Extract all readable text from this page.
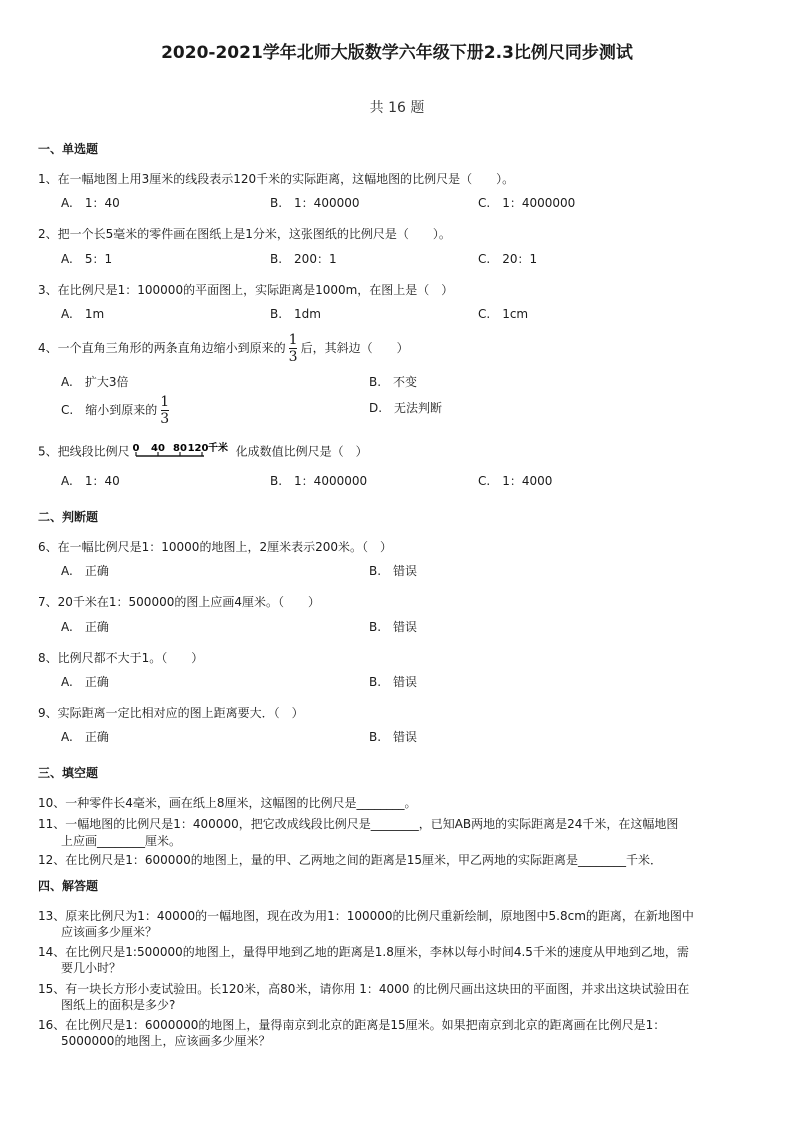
2020-2021学年北师大版数学六年级下册2.3比例尺同步测试
共 16 题
一、单选题
1、在一幅地图上用3厘米的线段表示120千米的实际距离，这幅地图的比例尺是（　　）。
A.　1：40	B.　1：400000	C.　1：4000000
2、把一个长5毫米的零件画在图纸上是1分米，这张图纸的比例尺是（　　）。
A.　5：1	B.　200：1	C.　20：1
3、在比例尺是1：100000的平面图上，实际距离是1000m，在图上是（　）
A.　1m	B.　1dm	C.　1cm
4、一个直角三角形的两条直角边缩小到原来的 $\frac{1}{3}$ 后，其斜边（　　）
A.　扩大3倍	B.　不变
C.　缩小到原来的 $\frac{1}{3}$	D.　无法判断
5、把线段比例尺 0 40 80 120 千米 化成数值比例尺是（　）
A.　1：40	B.　1：4000000	C.　1：4000
二、判断题
6、在一幅比例尺是1：10000的地图上，2厘米表示200米。（　）
A.　正确	B.　错误
7、20千米在1：500000的图上应画4厘米。（　　）
A.　正确	B.　错误
8、比例尺都不大于1。（　　）
A.　正确	B.　错误
9、实际距离一定比相对应的图上距离要大．（　）
A.　正确	B.　错误
三、填空题
10、一种零件长4毫米，画在纸上8厘米，这幅图的比例尺是________。
11、一幅地图的比例尺是1：400000，把它改成线段比例尺是________，已知AB两地的实际距离是24千米，在这幅地图
上应画________厘米。
12、在比例尺是1：600000的地图上，量的甲、乙两地之间的距离是15厘米，甲乙两地的实际距离是________千米．
四、解答题
13、原来比例尺为1：40000的一幅地图，现在改为用1：100000的比例尺重新绘制，原地图中5.8cm的距离，在新地图中
应该画多少厘米？
14、在比例尺是1:500000的地图上，量得甲地到乙地的距离是1.8厘米，李林以每小时间4.5千米的速度从甲地到乙地，需
要几小时？
15、有一块长方形小麦试验田。长120米，高80米，请你用 1：4000 的比例尺画出这块田的平面图，并求出这块试验田在
图纸上的面积是多少?
16、在比例尺是1：6000000的地图上，量得南京到北京的距离是15厘米。如果把南京到北京的距离画在比例尺是1：
5000000的地图上，应该画多少厘米？
